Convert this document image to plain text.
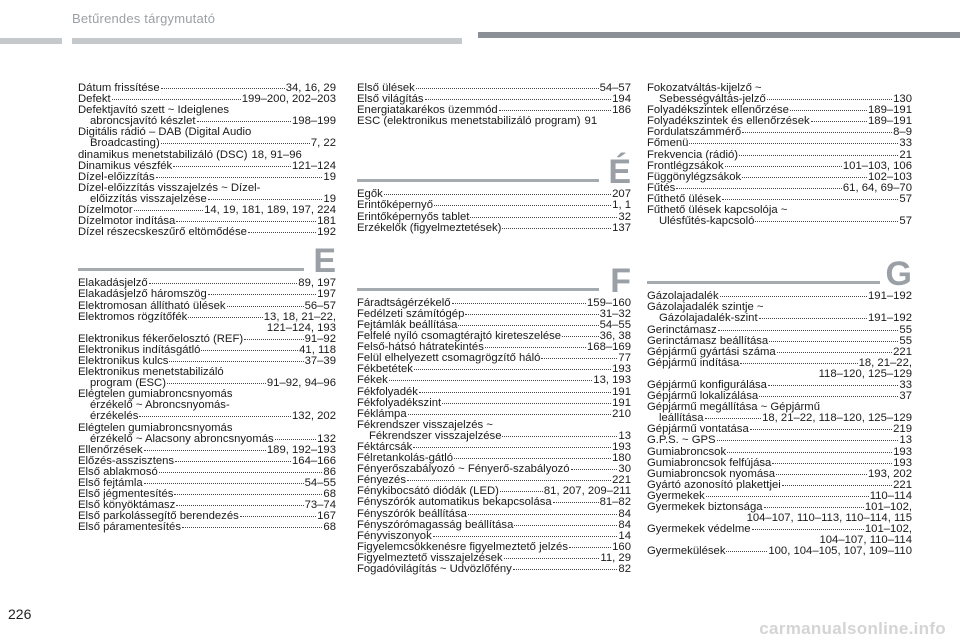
Betűrendes tárgymutató
Dátum frissítése	34, 16, 29
Defekt	199–200, 202–203
Defektjavító szett ~ Ideiglenes
abroncsjavító készlet	198–199
Digitális rádió – DAB (Digital Audio
Broadcasting)	7, 22
dinamikus menetstabilizáló (DSC) 18, 91–96
Dinamikus vészfék	121–124
Dízel-előizzítás	19
Dízel-előizzítás visszajelzés ~ Dízel-
előizzítás visszajelzése	19
Dízelmotor	14, 19, 181, 189, 197, 224
Dízelmotor indítása	181
Dízel részecskeszűrő eltömődése	192
E
Elakadásjelző	89, 197
Elakadásjelző háromszög	197
Elektromosan állítható ülések	56–57
Elektromos rögzítőfék	13, 18, 21–22,
121–124, 193
Elektronikus fékerőelosztó (REF)	91–92
Elektronikus indításgátló	41, 118
Elektronikus kulcs	37–39
Elektronikus menetstabilizáló
program (ESC)	91–92, 94–96
Elégtelen gumiabroncsnyomás
érzékelő ~ Abroncsnyomás-
érzékelés	132, 202
Elégtelen gumiabroncsnyomás
érzékelő ~ Alacsony abroncsnyomás	132
Ellenőrzések	189, 192–193
Előzés-asszisztens	164–166
Első ablakmosó	86
Első fejtámla	54–55
Első jégmentesítés	68
Első könyöktámasz	73–74
Első parkolássegítő berendezés	167
Első páramentesítés	68
Első ülések	54–57
Első világítás	194
Energiatakarékos üzemmód	186
ESC (elektronikus menetstabilizáló program) 91
É
Égők	207
Érintőképernyő	1, 1
Érintőképernyős tablet	32
Érzékelők (figyelmeztetések)	137
F
Fáradtságérzékelő	159–160
Fedélzeti számítógép	31–32
Fejtámlák beállítása	54–55
Felfelé nyíló csomagtérajtó kireteszelése	36, 38
Felső-hátsó hátratekintés	168–169
Felül elhelyezett csomagrögzítő háló	77
Fékbetétek	193
Fékek	13, 193
Fékfolyadék	191
Fékfolyadékszint	191
Féklámpa	210
Fékrendszer visszajelzés ~
Fékrendszer visszajelzése	13
Féktárcsák	193
Félretankolás-gátló	180
Fényerőszabályozó ~ Fényerő-szabályozó	30
Fényezés	221
Fénykibocsátó diódák (LED)	81, 207, 209–211
Fényszórók automatikus bekapcsolása	81–82
Fényszórók beállítása	84
Fényszórómagasság beállítása	84
Fényviszonyok	14
Figyelemcsökkenésre figyelmeztető jelzés	160
Figyelmeztető visszajelzések	11, 29
Fogadóvilágítás ~ Üdvözlőfény	82
Fokozatváltás-kijelző ~
Sebességváltás-jelző	130
Folyadékszintek ellenőrzése	189–191
Folyadékszintek és ellenőrzések	189–191
Fordulatszámmérő	8–9
Főmenü	33
Frekvencia (rádió)	21
Frontlégzsákok	101–103, 106
Függönylégzsákok	102–103
Fűtés	61, 64, 69–70
Fűthető ülések	57
Fűthető ülések kapcsolója ~
Ülésfűtés-kapcsoló	57
G
Gázolajadalék	191–192
Gázolajadalék szintje ~
Gázolajadalék-szint	191–192
Gerinctámasz	55
Gerinctámasz beállítása	55
Gépjármű gyártási száma	221
Gépjármű indítása	18, 21–22,
118–120, 125–129
Gépjármű konfigurálása	33
Gépjármű lokalizálása	37
Gépjármű megállítása ~ Gépjármű
leállítása	18, 21–22, 118–120, 125–129
Gépjármű vontatása	219
G.P.S. ~ GPS	13
Gumiabroncsok	193
Gumiabroncsok felfújása	193
Gumiabroncsok nyomása	193, 202
Gyártó azonosító plakettjei	221
Gyermekek	110–114
Gyermekek biztonsága	101–102,
104–107, 110–113, 110–114, 115
Gyermekek védelme	101–102,
104–107, 110–114
Gyermekülések	100, 104–105, 107, 109–110
226
carmanualsonline.info
